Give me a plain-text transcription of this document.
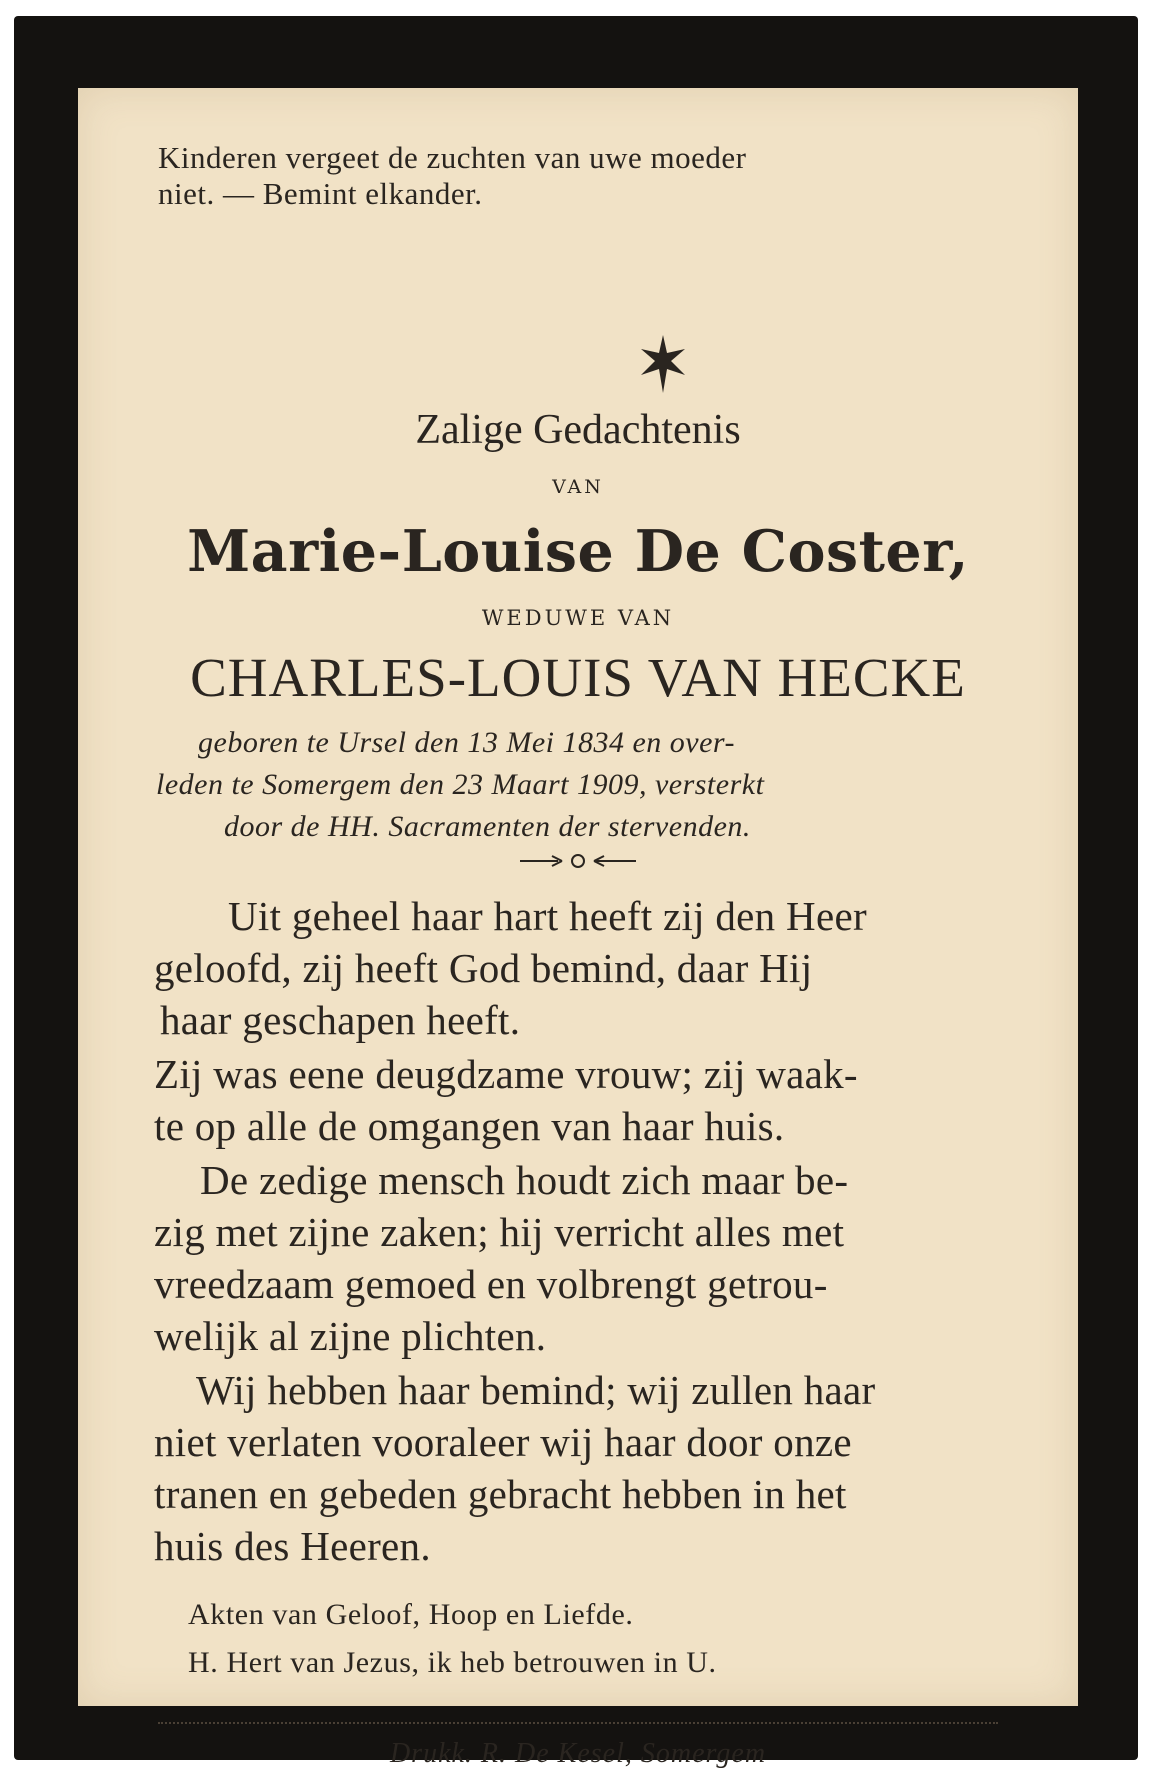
Kinderen vergeet de zuchten van uwe moeder
niet. — Bemint elkander.
Zalige Gedachtenis
VAN
Marie-Louise De Coster,
WEDUWE VAN
CHARLES-LOUIS VAN HECKE
geboren te Ursel den 13 Mei 1834 en over-
leden te Somergem den 23 Maart 1909, versterkt
door de HH. Sacramenten der stervenden.
Uit geheel haar hart heeft zij den Heer
geloofd, zij heeft God bemind, daar Hij
haar geschapen heeft.
Zij was eene deugdzame vrouw; zij waak-
te op alle de omgangen van haar huis.
De zedige mensch houdt zich maar be-
zig met zijne zaken; hij verricht alles met
vreedzaam gemoed en volbrengt getrou-
welijk al zijne plichten.
Wij hebben haar bemind; wij zullen haar
niet verlaten vooraleer wij haar door onze
tranen en gebeden gebracht hebben in het
huis des Heeren.
Akten van Geloof, Hoop en Liefde.
H. Hert van Jezus, ik heb betrouwen in U.
Drukk. R. De Kesel, Somergem
